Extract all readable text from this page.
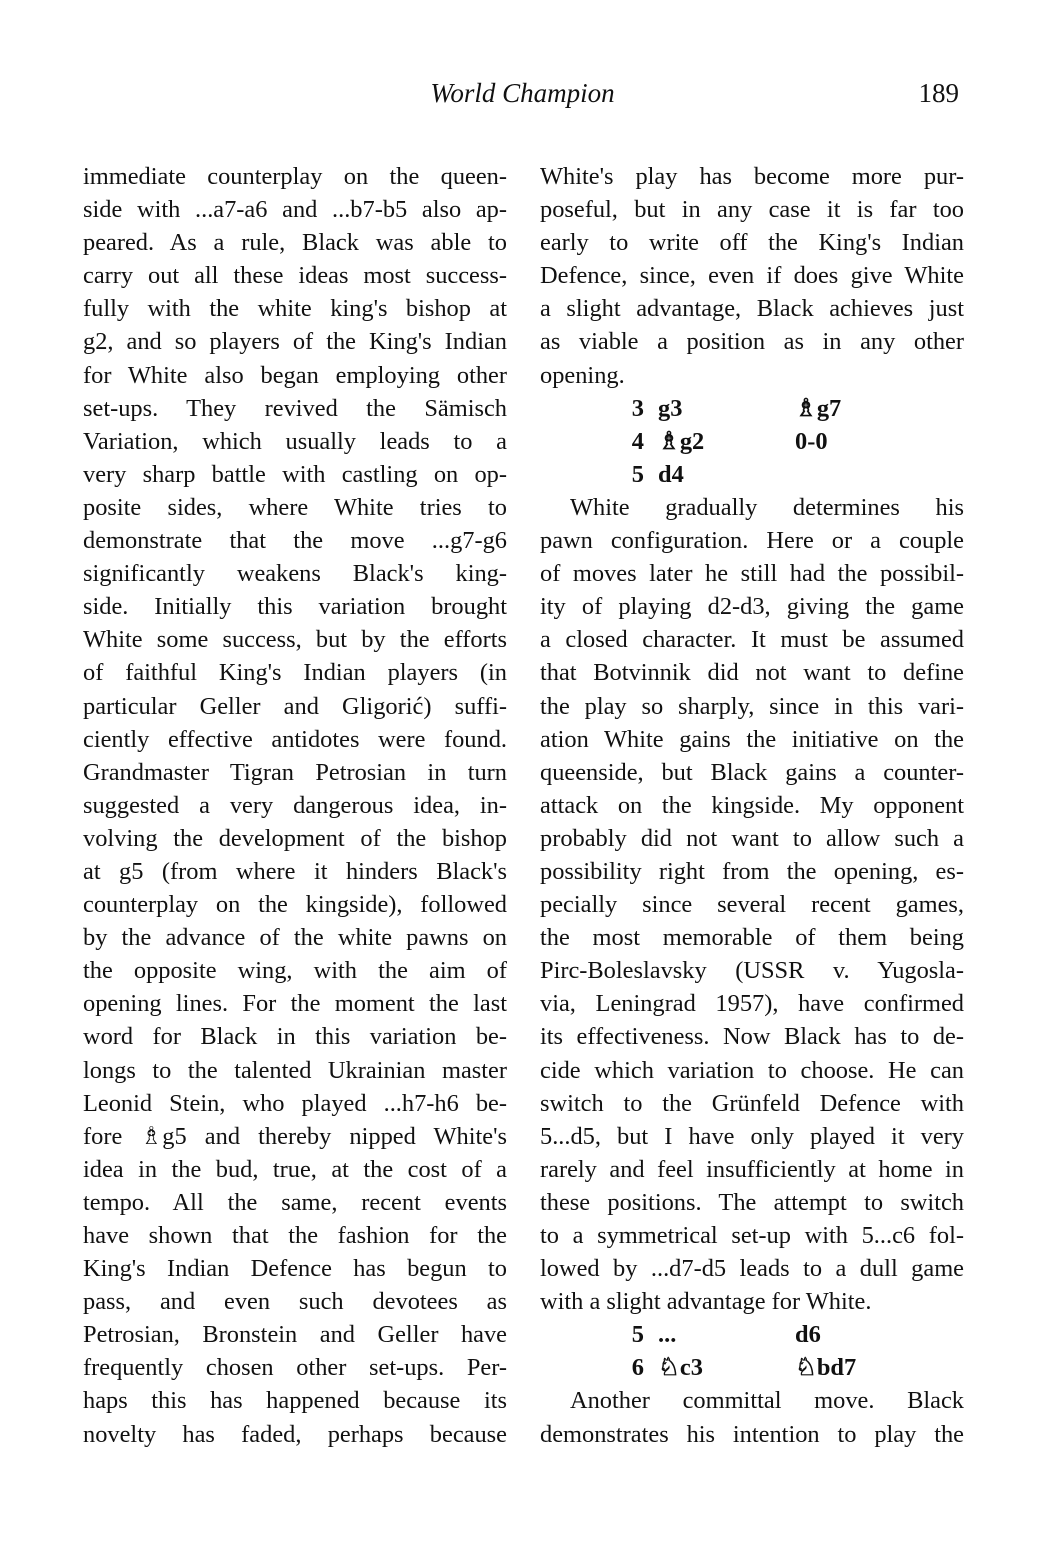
World Champion	189
immediate counterplay on the queen-
side with ...a7-a6 and ...b7-b5 also ap-
peared. As a rule, Black was able to
carry out all these ideas most success-
fully with the white king's bishop at
g2, and so players of the King's Indian
for White also began employing other
set-ups. They revived the Sämisch
Variation, which usually leads to a
very sharp battle with castling on op-
posite sides, where White tries to
demonstrate that the move ...g7-g6
significantly weakens Black's king-
side. Initially this variation brought
White some success, but by the efforts
of faithful King's Indian players (in
particular Geller and Gligorić) suffi-
ciently effective antidotes were found.
Grandmaster Tigran Petrosian in turn
suggested a very dangerous idea, in-
volving the development of the bishop
at g5 (from where it hinders Black's
counterplay on the kingside), followed
by the advance of the white pawns on
the opposite wing, with the aim of
opening lines. For the moment the last
word for Black in this variation be-
longs to the talented Ukrainian master
Leonid Stein, who played ...h7-h6 be-
fore ♗g5 and thereby nipped White's
idea in the bud, true, at the cost of a
tempo. All the same, recent events
have shown that the fashion for the
King's Indian Defence has begun to
pass, and even such devotees as
Petrosian, Bronstein and Geller have
frequently chosen other set-ups. Per-
haps this has happened because its
novelty has faded, perhaps because
White's play has become more pur-
poseful, but in any case it is far too
early to write off the King's Indian
Defence, since, even if does give White
a slight advantage, Black achieves just
as viable a position as in any other
opening.
3 g3	♗g7
4 ♗g2	0-0
5 d4
White gradually determines his
pawn configuration. Here or a couple
of moves later he still had the possibil-
ity of playing d2-d3, giving the game
a closed character. It must be assumed
that Botvinnik did not want to define
the play so sharply, since in this vari-
ation White gains the initiative on the
queenside, but Black gains a counter-
attack on the kingside. My opponent
probably did not want to allow such a
possibility right from the opening, es-
pecially since several recent games,
the most memorable of them being
Pirc-Boleslavsky (USSR v. Yugosla-
via, Leningrad 1957), have confirmed
its effectiveness. Now Black has to de-
cide which variation to choose. He can
switch to the Grünfeld Defence with
5...d5, but I have only played it very
rarely and feel insufficiently at home in
these positions. The attempt to switch
to a symmetrical set-up with 5...c6 fol-
lowed by ...d7-d5 leads to a dull game
with a slight advantage for White.
5 ...	d6
6 ♘c3	♘bd7
Another committal move. Black
demonstrates his intention to play the
